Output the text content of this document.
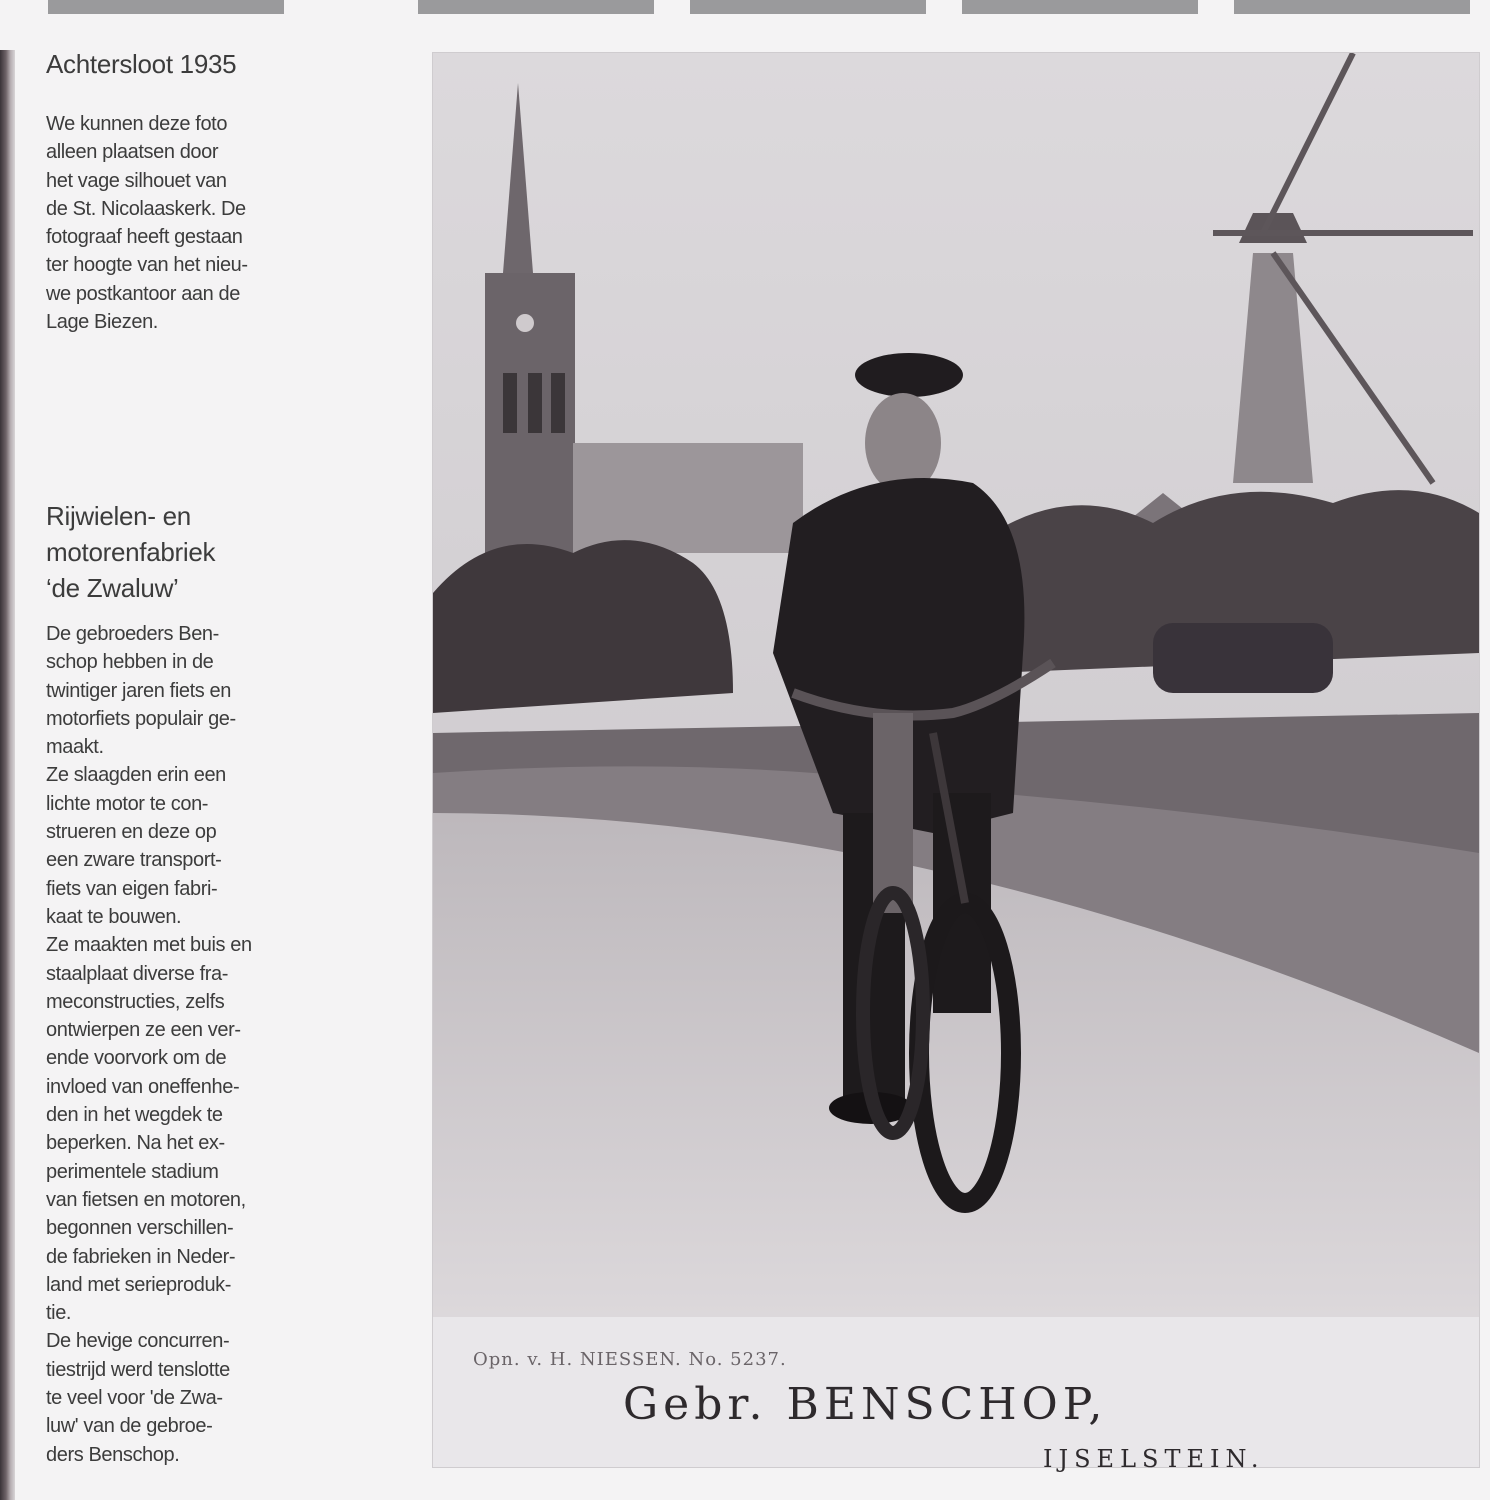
Achtersloot 1935

We kunnen deze foto
alleen plaatsen door
het vage silhouet van
de St. Nicolaaskerk. De
fotograaf heeft gestaan
ter hoogte van het nieu-
we postkantoor aan de
Lage Biezen.

Rijwielen- en
motorenfabriek
‘de Zwaluw’

De gebroeders Ben-
schop hebben in de
twintiger jaren fiets en
motorfiets populair ge-
maakt.
Ze slaagden erin een
lichte motor te con-
strueren en deze op
een zware transport-
fiets van eigen fabri-
kaat te bouwen.
Ze maakten met buis en
staalplaat diverse fra-
meconstructies, zelfs
ontwierpen ze een ver-
ende voorvork om de
invloed van oneffenhe-
den in het wegdek te
beperken. Na het ex-
perimentele stadium
van fietsen en motoren,
begonnen verschillen-
de fabrieken in Neder-
land met serieproduk-
tie.
De hevige concurren-
tiestrijd werd tenslotte
te veel voor 'de Zwa-
luw' van de gebroe-
ders Benschop.

Opn. v. H. NIESSEN. No. 5237.
Gebr. BENSCHOP,
IJSELSTEIN.
